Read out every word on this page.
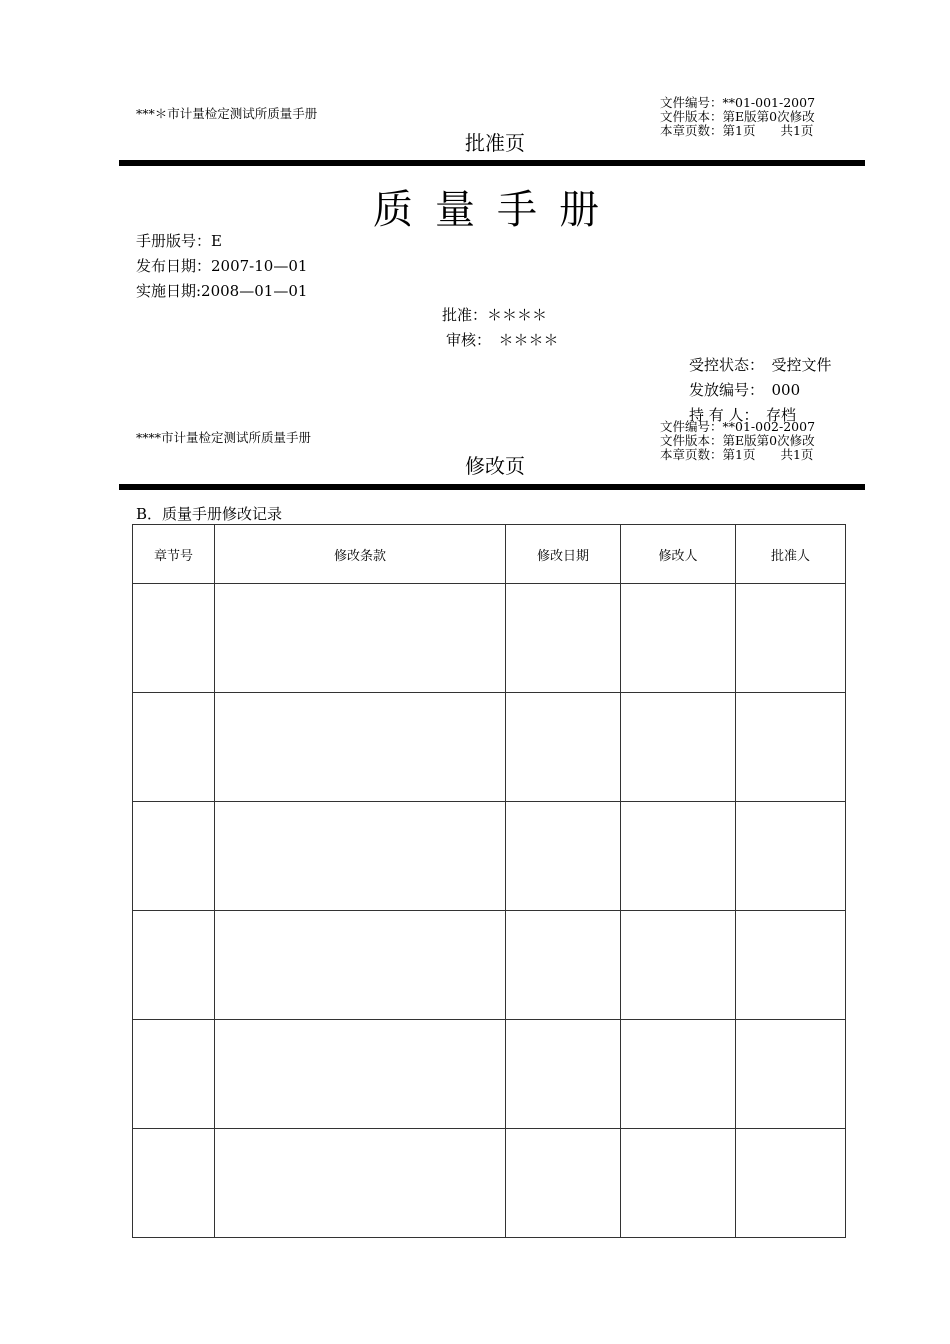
***＊市计量检定测试所质量手册
文件编号：**01-001-2007
文件版本：第E版第0次修改
本章页数：第1页　　共1页
批准页
质量手册
手册版号：E
发布日期：2007-10—01
实施日期:2008—01—01
批准：＊＊＊＊
审核：　＊＊＊＊
受控状态：　受控文件
发放编号：　000
持 有 人：　存档
****市计量检定测试所质量手册
文件编号：**01-002-2007
文件版本：第E版第0次修改
本章页数：第1页　　共1页
修改页
B．质量手册修改记录
章节号	修改条款	修改日期	修改人	批准人
